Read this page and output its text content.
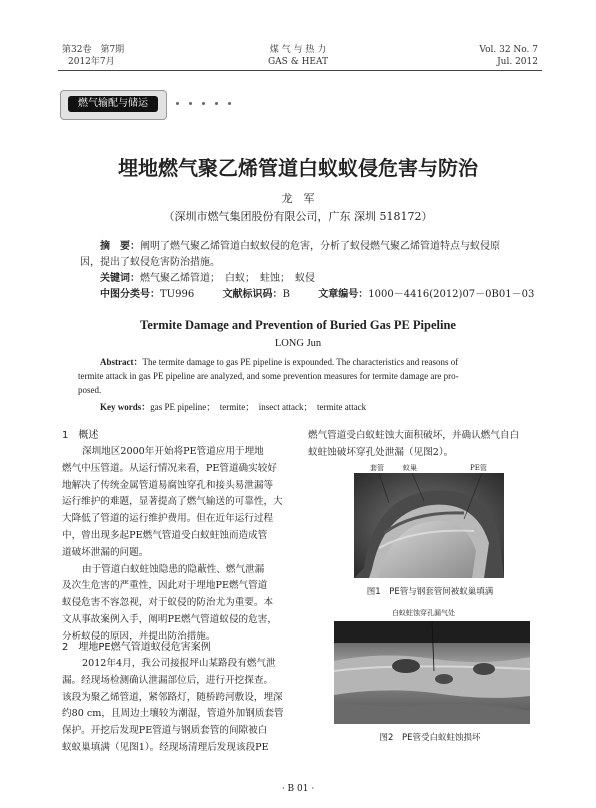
第32卷　第7期
2012年7月
煤 气 与 热 力
GAS & HEAT
Vol. 32 No. 7
Jul. 2012
燃气输配与储运
埋地燃气聚乙烯管道白蚁蚁侵危害与防治
龙　军
（深圳市燃气集团股份有限公司，广东 深圳 518172）
摘　要：阐明了燃气聚乙烯管道白蚁蚁侵的危害，分析了蚁侵燃气聚乙烯管道特点与蚁侵原
因，提出了蚁侵危害防治措施。
关键词：燃气聚乙烯管道；　白蚁；　蛀蚀；　蚁侵
中图分类号：TU996	文献标识码：B	文章编号：1000－4416(2012)07－0B01－03
Termite Damage and Prevention of Buried Gas PE Pipeline
LONG Jun
Abstract：The termite damage to gas PE pipeline is expounded. The characteristics and reasons of
termite attack in gas PE pipeline are analyzed, and some prevention measures for termite damage are pro-
posed.
Key words：gas PE pipeline；　termite；　insect attack；　termite attack
1　概述
深圳地区2000年开始将PE管道应用于埋地
燃气中压管道。从运行情况来看，PE管道确实较好
地解决了传统金属管道易腐蚀穿孔和接头易泄漏等
运行维护的难题，显著提高了燃气输送的可靠性，大
大降低了管道的运行维护费用。但在近年运行过程
中，曾出现多起PE燃气管道受白蚁蛀蚀而造成管
道破坏泄漏的问题。
由于管道白蚁蛀蚀隐患的隐蔽性、燃气泄漏
及次生危害的严重性，因此对于埋地PE燃气管道
蚁侵危害不容忽视，对于蚁侵的防治尤为重要。本
文从事故案例入手，阐明PE燃气管道蚁侵的危害，
分析蚁侵的原因，并提出防治措施。
2　埋地PE燃气管道蚁侵危害案例
2012年4月，我公司接报坪山某路段有燃气泄
漏。经现场检测确认泄漏部位后，进行开挖探查。
该段为聚乙烯管道，紧邻路灯，随桥跨河敷设，埋深
约80 cm，且周边土壤较为潮湿，管道外加钢质套管
保护。开挖后发现PE管道与钢质套管的间隙被白
蚁蚁巢填满（见图1）。经现场清理后发现该段PE
燃气管道受白蚁蛀蚀大面积破坏，并确认燃气自白
蚁蛀蚀破坏穿孔处泄漏（见图2）。
套管	蚁巢	PE管
图1　PE管与钢套管间被蚁巢填满
白蚁蛀蚀穿孔漏气处
图2　PE管受白蚁蛀蚀损坏
· B 01 ·
